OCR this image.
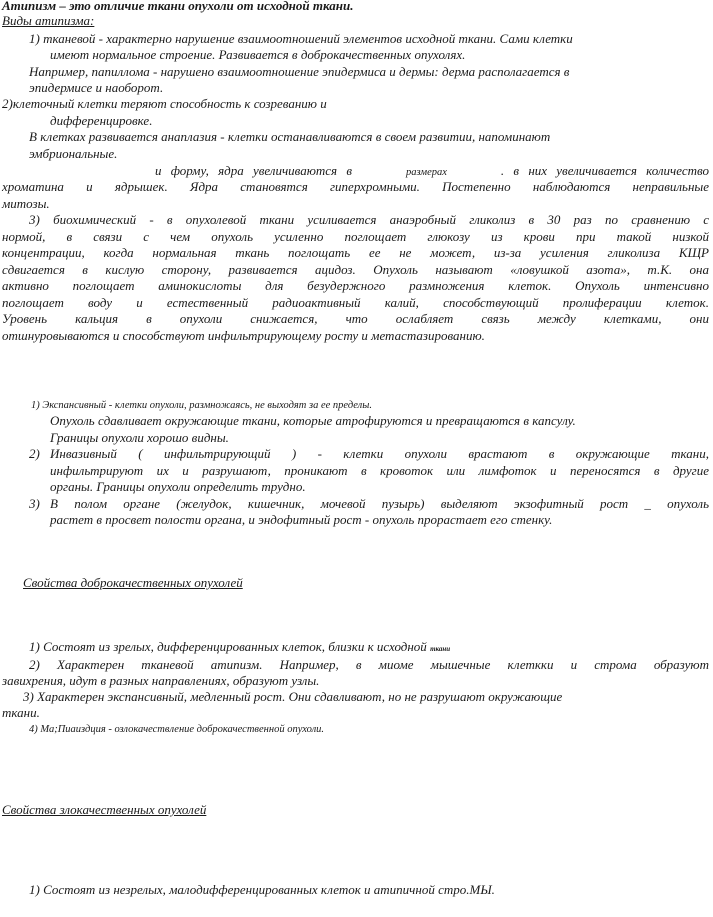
Атипизм – это отличие ткани опухоли от исходной ткани.
Виды атипизма:
1) тканевой - характерно нарушение взаимоотношений элементов исходной ткани. Сами клетки
имеют нормальное строение. Развивается в доброкачественных опухолях.
Например, папиллома - нарушено взаимоотношение эпидермиса и дермы: дерма располагается в
эпидермисе и наоборот.
2)клеточный клетки теряют способность к созреванию и
дифференцировке.
В клетках развивается анаплазия - клетки останавливаются в своем развитии, напоминают
эмбриональные.
и форму, ядра увеличиваются в	размерах	. в них увеличивается количество
хроматина и ядрышек. Ядра становятся гиперхромными. Постепенно наблюдаются неправильные
митозы.
3) биохимический - в опухолевой ткани усиливается анаэробный гликолиз в 30 раз по сравнению с
нормой, в связи с чем опухоль усиленно поглощает глюкозу из крови при такой низкой
концентрации, когда нормальная ткань поглощать ее не может, из-за усиления гликолиза КЩР
сдвигается в кислую сторону, развивается ацидоз. Опухоль называют «ловушкой азота», т.К. она
активно поглощает аминокислоты для безудержного размножения клеток. Опухоль интенсивно
поглощает воду и естественный радиоактивный калий, способствующий пролиферации клеток.
Уровень кальция в опухоли снижается, что ослабляет связь между клетками, они
отшнуровываются и способствуют инфильтрирующему росту и метастазированию.
1) Экспансивный - клетки опухоли, размножаясь, не выходят за ее пределы.
Опухоль сдавливает окружающие ткани, которые атрофируются и превращаются в капсулу.
Границы опухоли хорошо видны.
2) Инвазивный ( инфильтрирующий ) - клетки опухоли врастают в окружающие ткани,
инфильтрируют их и разрушают, проникают в кровоток или лимфоток и переносятся в другие
органы. Границы опухоли определить трудно.
3) В полом органе (желудок, кишечник, мочевой пузырь) выделяют экзофитный рост _ опухоль
растет в просвет полости органа, и эндофитный рост - опухоль прорастает его стенку.
Свойства доброкачественных опухолей
1) Состоят из зрелых, дифференцированных клеток, близки к исходной ткани
2) Характерен тканевой атипизм. Например, в миоме мышечные клеткки и строма образуют
завихрения, идут в разных направлениях, образуют узлы.
3) Характерен экспансивный, медленный рост. Они сдавливают, но не разрушают окружающие
ткани.
4) Ма;Пиаиздция - озлокачествление доброкачественной опухоли.
Свойства злокачественных опухолей
1) Состоят из незрелых, малодифференцированных клеток и атипичной стро.МЫ.
